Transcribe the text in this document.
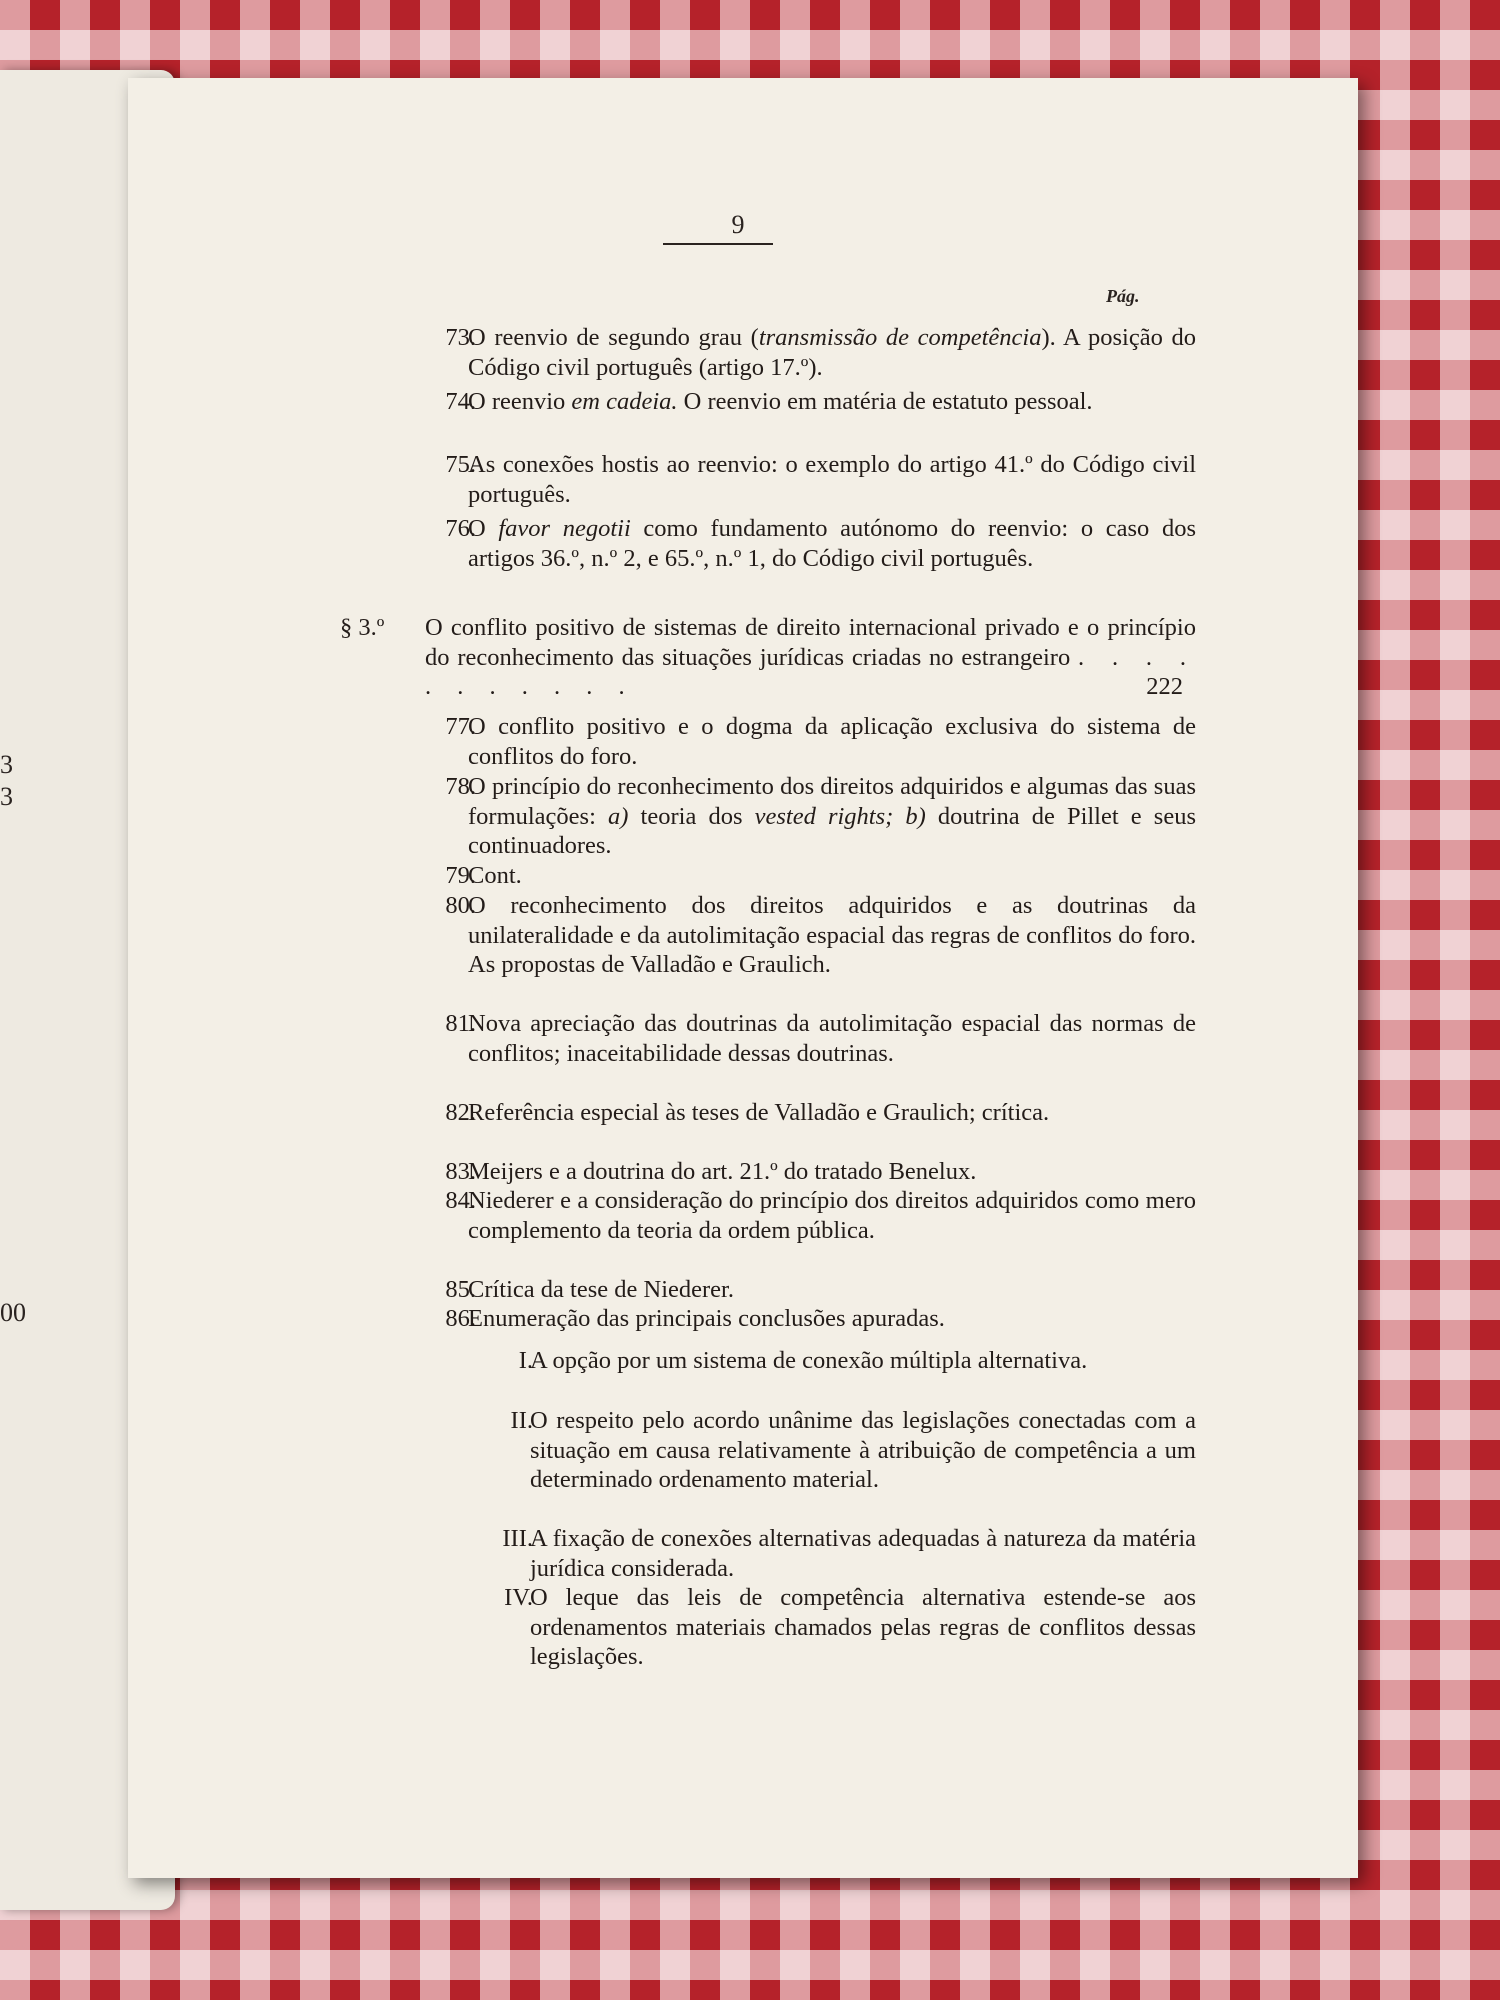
3
3
00
9
Pág.
73.
O reenvio de segundo grau (transmissão de competência). A posição do Código civil português (artigo 17.º).
74.
O reenvio em cadeia. O reenvio em matéria de estatuto pessoal.
75.
As conexões hostis ao reenvio: o exemplo do artigo 41.º do Código civil português.
76.
O favor negotii como fundamento autónomo do reenvio: o caso dos artigos 36.º, n.º 2, e 65.º, n.º 1, do Código civil português.
§ 3.º	O conflito positivo de sistemas de direito internacional privado e o princípio do reconhecimento das situações jurídicas criadas no estrangeiro . . . . . . . . . . .	222
77.
O conflito positivo e o dogma da aplicação exclusiva do sistema de conflitos do foro.
78.
O princípio do reconhecimento dos direitos adquiridos e algumas das suas formulações: a) teoria dos vested rights; b) doutrina de Pillet e seus continuadores.
79.
Cont.
80.
O reconhecimento dos direitos adquiridos e as doutrinas da unilateralidade e da autolimitação espacial das regras de conflitos do foro. As propostas de Valladão e Graulich.
81.
Nova apreciação das doutrinas da autolimitação espacial das normas de conflitos; inaceitabilidade dessas doutrinas.
82.
Referência especial às teses de Valladão e Graulich; crítica.
83.
Meijers e a doutrina do art. 21.º do tratado Benelux.
84.
Niederer e a consideração do princípio dos direitos adquiridos como mero complemento da teoria da ordem pública.
85.
Crítica da tese de Niederer.
86.
Enumeração das principais conclusões apuradas.
I.
A opção por um sistema de conexão múltipla alternativa.
II.
O respeito pelo acordo unânime das legislações conectadas com a situação em causa relativamente à atribuição de competência a um determinado ordenamento material.
III.
A fixação de conexões alternativas adequadas à natureza da matéria jurídica considerada.
IV.
O leque das leis de competência alternativa estende-se aos ordenamentos materiais chamados pelas regras de conflitos dessas legislações.
